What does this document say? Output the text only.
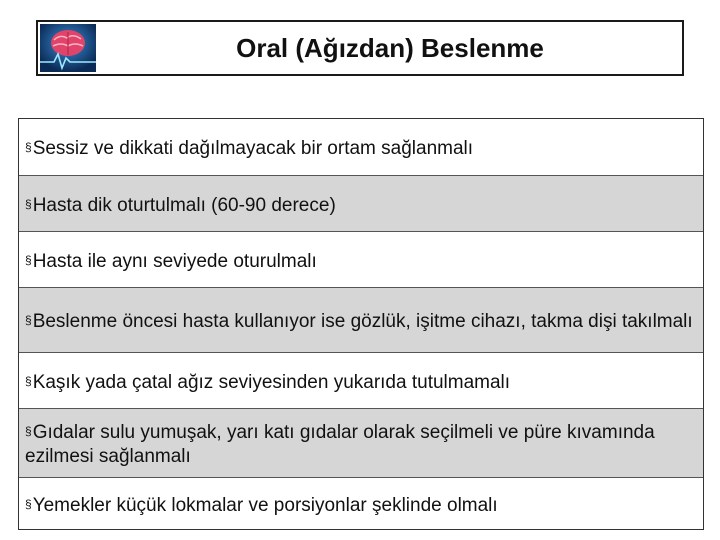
Oral (Ağızdan) Beslenme
§Sessiz ve dikkati dağılmayacak bir ortam sağlanmalı
§Hasta dik oturtulmalı (60-90 derece)
§Hasta ile aynı seviyede oturulmalı
§Beslenme öncesi hasta kullanıyor ise gözlük, işitme cihazı, takma dişi takılmalı
§Kaşık yada çatal ağız seviyesinden yukarıda tutulmamalı
§Gıdalar sulu yumuşak, yarı katı gıdalar olarak seçilmeli ve püre kıvamında ezilmesi sağlanmalı
§Yemekler küçük lokmalar ve porsiyonlar şeklinde olmalı
